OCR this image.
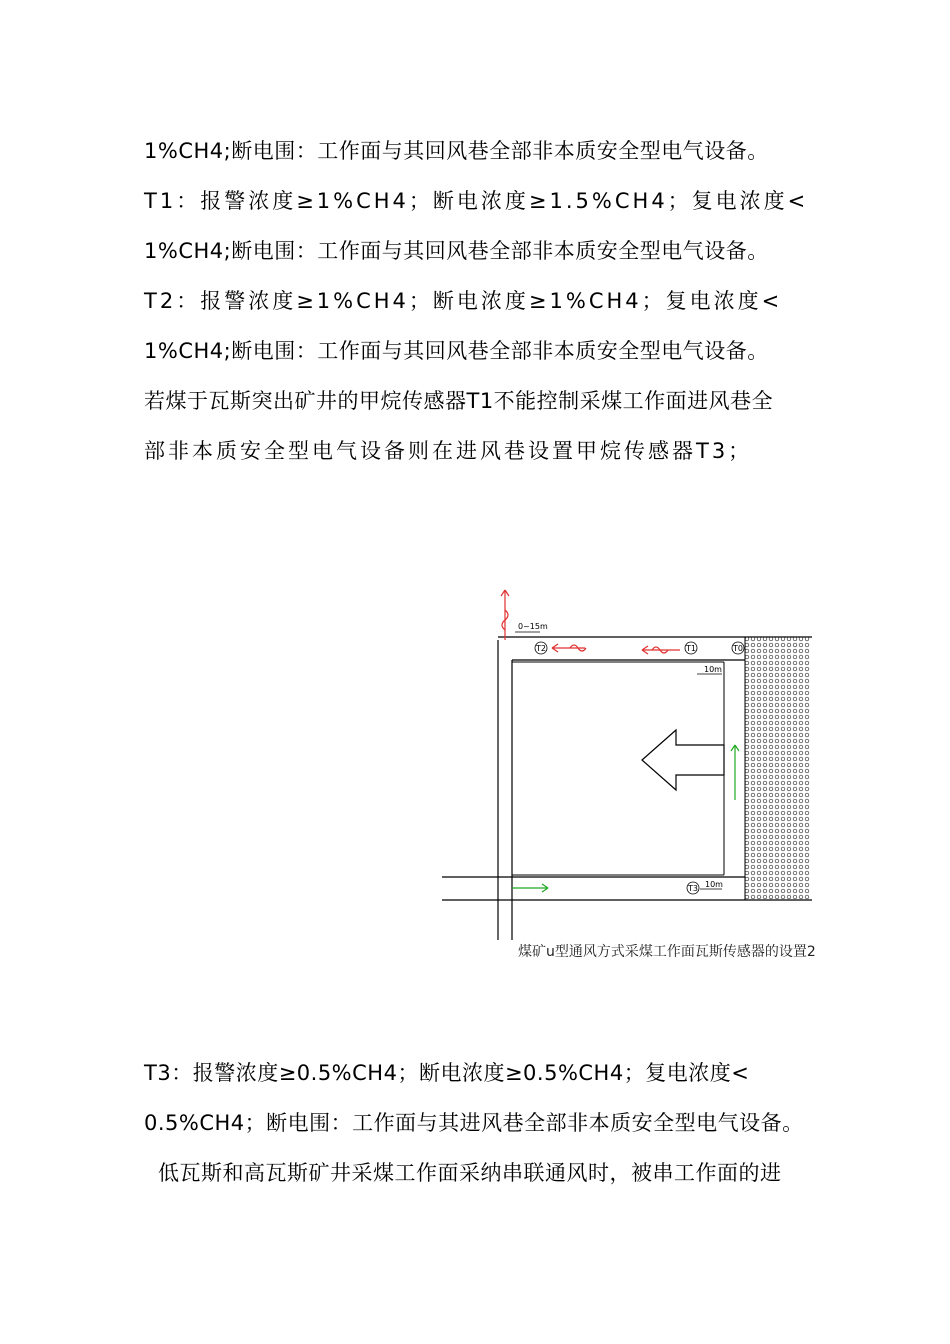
1%CH4;断电围：工作面与其回风巷全部非本质安全型电气设备。
T1：报警浓度≥1%CH4；断电浓度≥1.5%CH4；复电浓度<
1%CH4;断电围：工作面与其回风巷全部非本质安全型电气设备。
T2：报警浓度≥1%CH4；断电浓度≥1%CH4；复电浓度<
1%CH4;断电围：工作面与其回风巷全部非本质安全型电气设备。
若煤于瓦斯突出矿井的甲烷传感器T1不能控制采煤工作面进风巷全
部非本质安全型电气设备则在进风巷设置甲烷传感器T3；
0~15m
10m
10m
T2	T1	T0
T3
煤矿u型通风方式采煤工作面瓦斯传感器的设置2
T3：报警浓度≥0.5%CH4；断电浓度≥0.5%CH4；复电浓度<
0.5%CH4；断电围：工作面与其进风巷全部非本质安全型电气设备。
低瓦斯和高瓦斯矿井采煤工作面采纳串联通风时，被串工作面的进
